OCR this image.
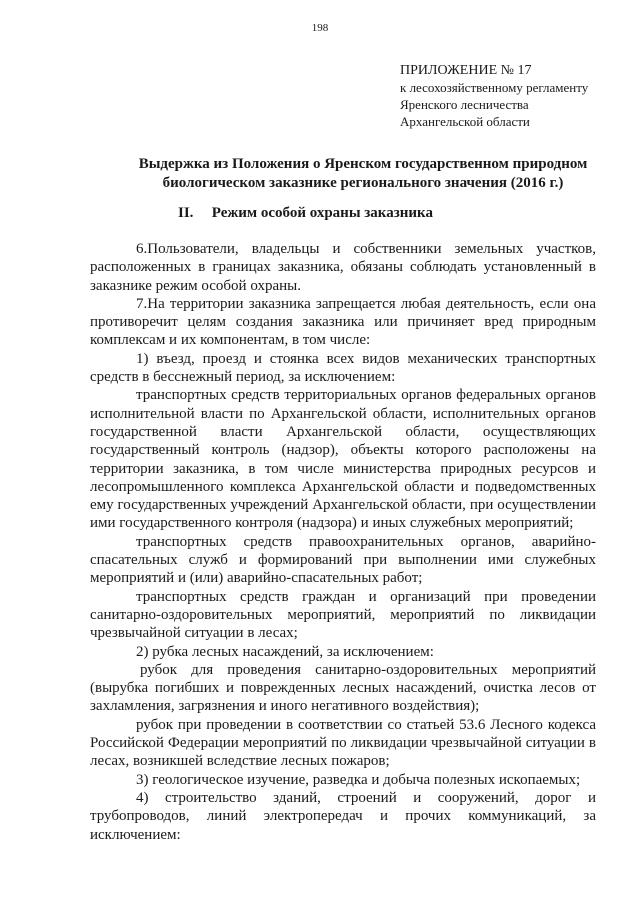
198
ПРИЛОЖЕНИЕ № 17
к лесохозяйственному регламенту
Яренского лесничества
Архангельской области
Выдержка из Положения о Яренском государственном природном биологическом заказнике регионального значения (2016 г.)
II. Режим особой охраны заказника

6.Пользователи, владельцы и собственники земельных участков, расположенных в границах заказника, обязаны соблюдать установленный в заказнике режим особой охраны.

7.На территории заказника запрещается любая деятельность, если она противоречит целям создания заказника или причиняет вред природным комплексам и их компонентам, в том числе:

1) въезд, проезд и стоянка всех видов механических транспортных средств в бесснежный период, за исключением:

транспортных средств территориальных органов федеральных органов исполнительной власти по Архангельской области, исполнительных органов государственной власти Архангельской области, осуществляющих государственный контроль (надзор), объекты которого расположены на территории заказника, в том числе министерства природных ресурсов и лесопромышленного комплекса Архангельской области и подведомственных ему государственных учреждений Архангельской области, при осуществлении ими государственного контроля (надзора) и иных служебных мероприятий;

транспортных средств правоохранительных органов, аварийно-спасательных служб и формирований при выполнении ими служебных мероприятий и (или) аварийно-спасательных работ;

транспортных средств граждан и организаций при проведении санитарно-оздоровительных мероприятий, мероприятий по ликвидации чрезвычайной ситуации в лесах;

2) рубка лесных насаждений, за исключением:

рубок для проведения санитарно-оздоровительных мероприятий (вырубка погибших и поврежденных лесных насаждений, очистка лесов от захламления, загрязнения и иного негативного воздействия);

рубок при проведении в соответствии со статьей 53.6 Лесного кодекса Российской Федерации мероприятий по ликвидации чрезвычайной ситуации в лесах, возникшей вследствие лесных пожаров;

3) геологическое изучение, разведка и добыча полезных ископаемых;

4) строительство зданий, строений и сооружений, дорог и трубопроводов, линий электропередач и прочих коммуникаций, за исключением:
